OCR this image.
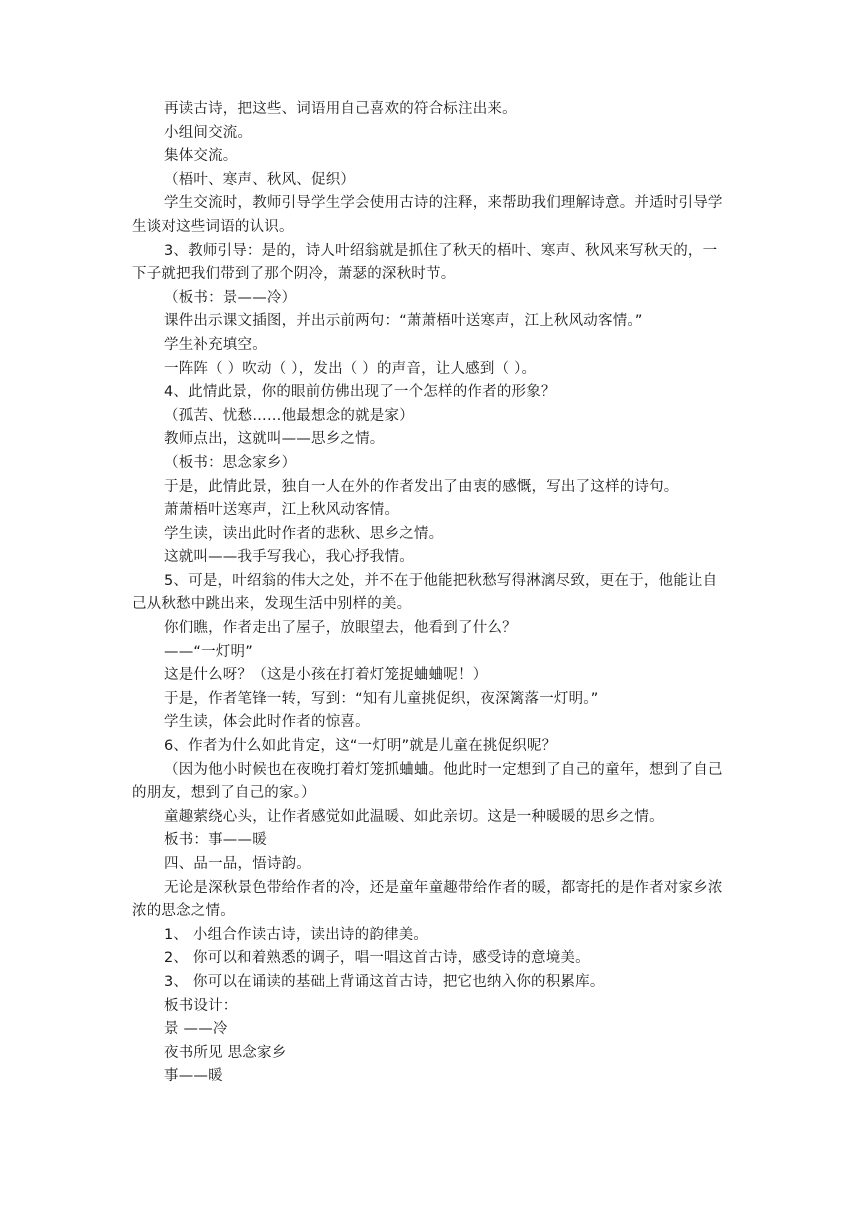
再读古诗，把这些、词语用自己喜欢的符合标注出来。

小组间交流。

集体交流。

（梧叶、寒声、秋风、促织）

学生交流时，教师引导学生学会使用古诗的注释，来帮助我们理解诗意。并适时引导学生谈对这些词语的认识。

3、教师引导：是的，诗人叶绍翁就是抓住了秋天的梧叶、寒声、秋风来写秋天的，一下子就把我们带到了那个阴冷，萧瑟的深秋时节。

（板书：景——冷）

课件出示课文插图，并出示前两句：“萧萧梧叶送寒声，江上秋风动客情。”

学生补充填空。

一阵阵（ ）吹动（ ），发出（ ）的声音，让人感到（ ）。

4、此情此景，你的眼前仿佛出现了一个怎样的作者的形象？

（孤苦、忧愁……他最想念的就是家）

教师点出，这就叫——思乡之情。

（板书：思念家乡）

于是，此情此景，独自一人在外的作者发出了由衷的感慨，写出了这样的诗句。

萧萧梧叶送寒声，江上秋风动客情。

学生读，读出此时作者的悲秋、思乡之情。

这就叫——我手写我心，我心抒我情。

5、可是，叶绍翁的伟大之处，并不在于他能把秋愁写得淋漓尽致，更在于，他能让自己从秋愁中跳出来，发现生活中别样的美。

你们瞧，作者走出了屋子，放眼望去，他看到了什么？

——“一灯明”

这是什么呀？（这是小孩在打着灯笼捉蛐蛐呢！）

于是，作者笔锋一转，写到：“知有儿童挑促织，夜深篱落一灯明。”

学生读，体会此时作者的惊喜。

6、作者为什么如此肯定，这“一灯明”就是儿童在挑促织呢？

（因为他小时候也在夜晚打着灯笼抓蛐蛐。他此时一定想到了自己的童年，想到了自己的朋友，想到了自己的家。）

童趣萦绕心头，让作者感觉如此温暖、如此亲切。这是一种暖暖的思乡之情。

板书：事——暖

四、品一品，悟诗韵。

无论是深秋景色带给作者的冷，还是童年童趣带给作者的暖，都寄托的是作者对家乡浓浓的思念之情。

1、 小组合作读古诗，读出诗的韵律美。

2、 你可以和着熟悉的调子，唱一唱这首古诗，感受诗的意境美。

3、 你可以在诵读的基础上背诵这首古诗，把它也纳入你的积累库。

板书设计：

景 ——冷

夜书所见 思念家乡

事——暖
